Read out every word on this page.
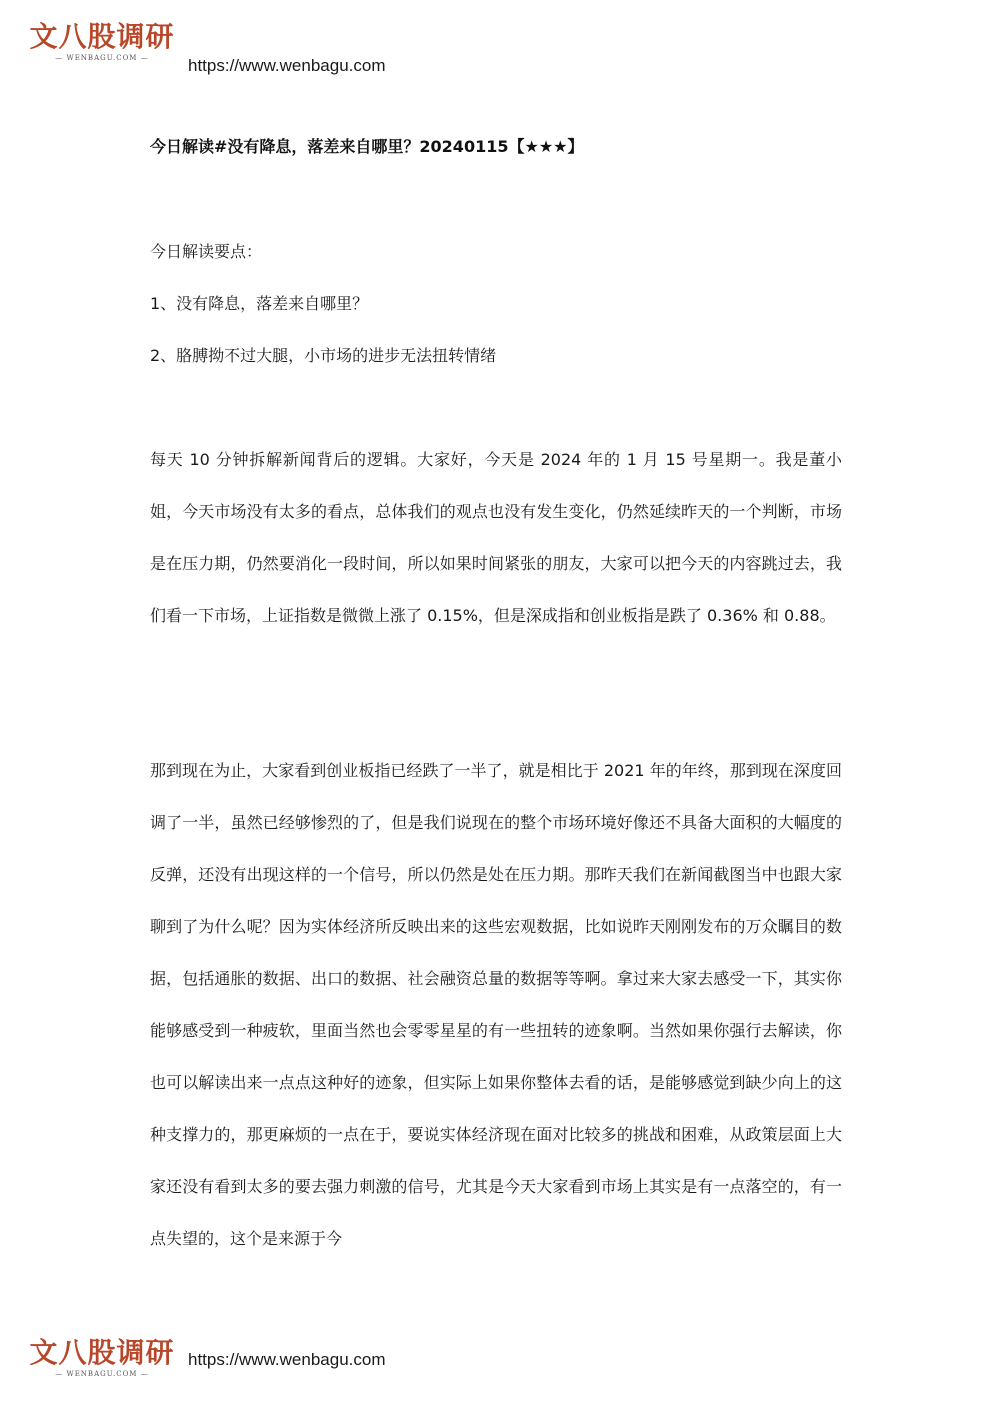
文八股调研
— WENBAGU.COM —	https://www.wenbagu.com
今日解读#没有降息，落差来自哪里？20240115【★★★】
今日解读要点：
1、没有降息，落差来自哪里？
2、胳膊拗不过大腿，小市场的进步无法扭转情绪

每天 10 分钟拆解新闻背后的逻辑。大家好，今天是 2024 年的 1 月 15 号星期一。我是董小姐，今天市场没有太多的看点，总体我们的观点也没有发生变化，仍然延续昨天的一个判断，市场是在压力期，仍然要消化一段时间，所以如果时间紧张的朋友，大家可以把今天的内容跳过去，我们看一下市场，上证指数是微微上涨了 0.15%，但是深成指和创业板指是跌了 0.36% 和 0.88。

那到现在为止，大家看到创业板指已经跌了一半了，就是相比于 2021 年的年终，那到现在深度回调了一半，虽然已经够惨烈的了，但是我们说现在的整个市场环境好像还不具备大面积的大幅度的反弹，还没有出现这样的一个信号，所以仍然是处在压力期。那昨天我们在新闻截图当中也跟大家聊到了为什么呢？因为实体经济所反映出来的这些宏观数据，比如说昨天刚刚发布的万众瞩目的数据，包括通胀的数据、出口的数据、社会融资总量的数据等等啊。拿过来大家去感受一下，其实你能够感受到一种疲软，里面当然也会零零星星的有一些扭转的迹象啊。当然如果你强行去解读，你也可以解读出来一点点这种好的迹象，但实际上如果你整体去看的话，是能够感觉到缺少向上的这种支撑力的，那更麻烦的一点在于，要说实体经济现在面对比较多的挑战和困难，从政策层面上大家还没有看到太多的要去强力刺激的信号，尤其是今天大家看到市场上其实是有一点落空的，有一点失望的，这个是来源于今

文八股调研
— WENBAGU.COM —
https://www.wenbagu.com
